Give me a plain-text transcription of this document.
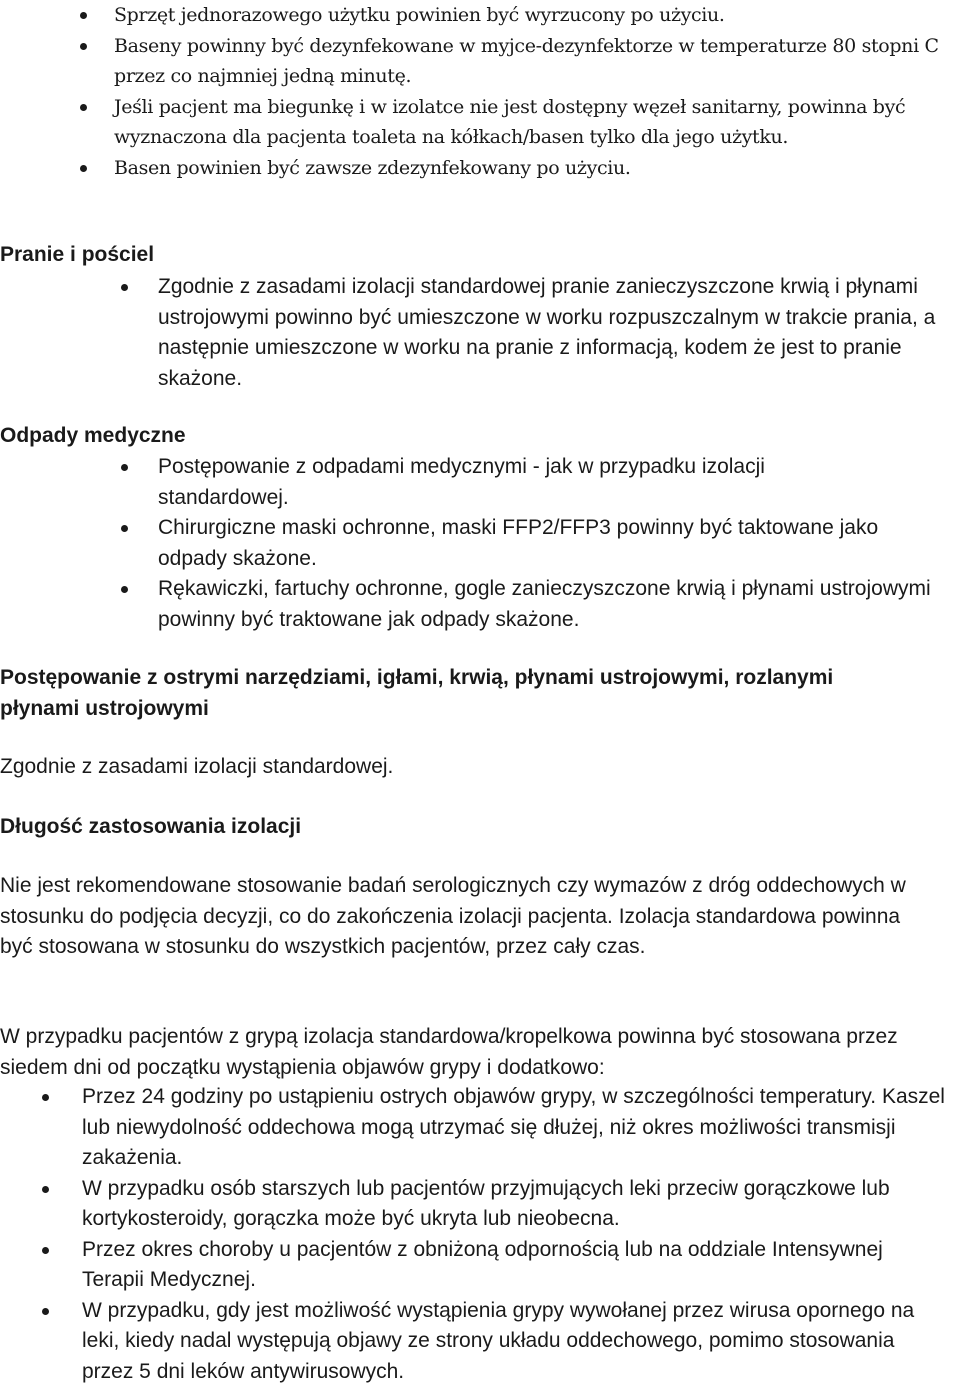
Sprzęt jednorazowego użytku powinien być wyrzucony po użyciu.
Baseny powinny być dezynfekowane w myjce-dezynfektorze w temperaturze 80 stopni C przez co najmniej jedną minutę.
Jeśli pacjent ma biegunkę i w izolatce nie jest dostępny węzeł sanitarny, powinna być wyznaczona dla pacjenta toaleta na kółkach/basen tylko dla jego użytku.
Basen powinien być zawsze zdezynfekowany po użyciu.
Pranie i pościel
Zgodnie z zasadami izolacji standardowej pranie zanieczyszczone krwią i płynami ustrojowymi powinno być umieszczone w worku rozpuszczalnym w trakcie prania, a następnie umieszczone w worku na pranie z informacją, kodem że jest to pranie skażone.
Odpady medyczne
Postępowanie z odpadami medycznymi - jak w przypadku izolacji standardowej.
Chirurgiczne maski ochronne, maski FFP2/FFP3 powinny być taktowane jako odpady skażone.
Rękawiczki, fartuchy ochronne, gogle zanieczyszczone krwią i płynami ustrojowymi powinny być traktowane jak odpady skażone.
Postępowanie z ostrymi narzędziami, igłami, krwią, płynami ustrojowymi, rozlanymi płynami ustrojowymi

Zgodnie z zasadami izolacji standardowej.

Długość zastosowania izolacji

Nie jest rekomendowane stosowanie badań serologicznych czy wymazów z dróg oddechowych w stosunku do podjęcia decyzji, co do zakończenia izolacji pacjenta. Izolacja standardowa powinna być stosowana w stosunku do wszystkich pacjentów, przez cały czas.

W przypadku pacjentów z grypą izolacja standardowa/kropelkowa powinna być stosowana przez siedem dni od początku wystąpienia objawów grypy i dodatkowo:

Przez 24 godziny po ustąpieniu ostrych objawów grypy, w szczególności temperatury. Kaszel lub niewydolność oddechowa mogą utrzymać się dłużej, niż okres możliwości transmisji zakażenia.
W przypadku osób starszych lub pacjentów przyjmujących leki przeciw gorączkowe lub kortykosteroidy, gorączka może być ukryta lub nieobecna.
Przez okres choroby u pacjentów z obniżoną odpornością lub na oddziale Intensywnej Terapii Medycznej.
W przypadku, gdy jest możliwość wystąpienia grypy wywołanej przez wirusa opornego na leki, kiedy nadal występują objawy ze strony układu oddechowego, pomimo stosowania przez 5 dni leków antywirusowych.
